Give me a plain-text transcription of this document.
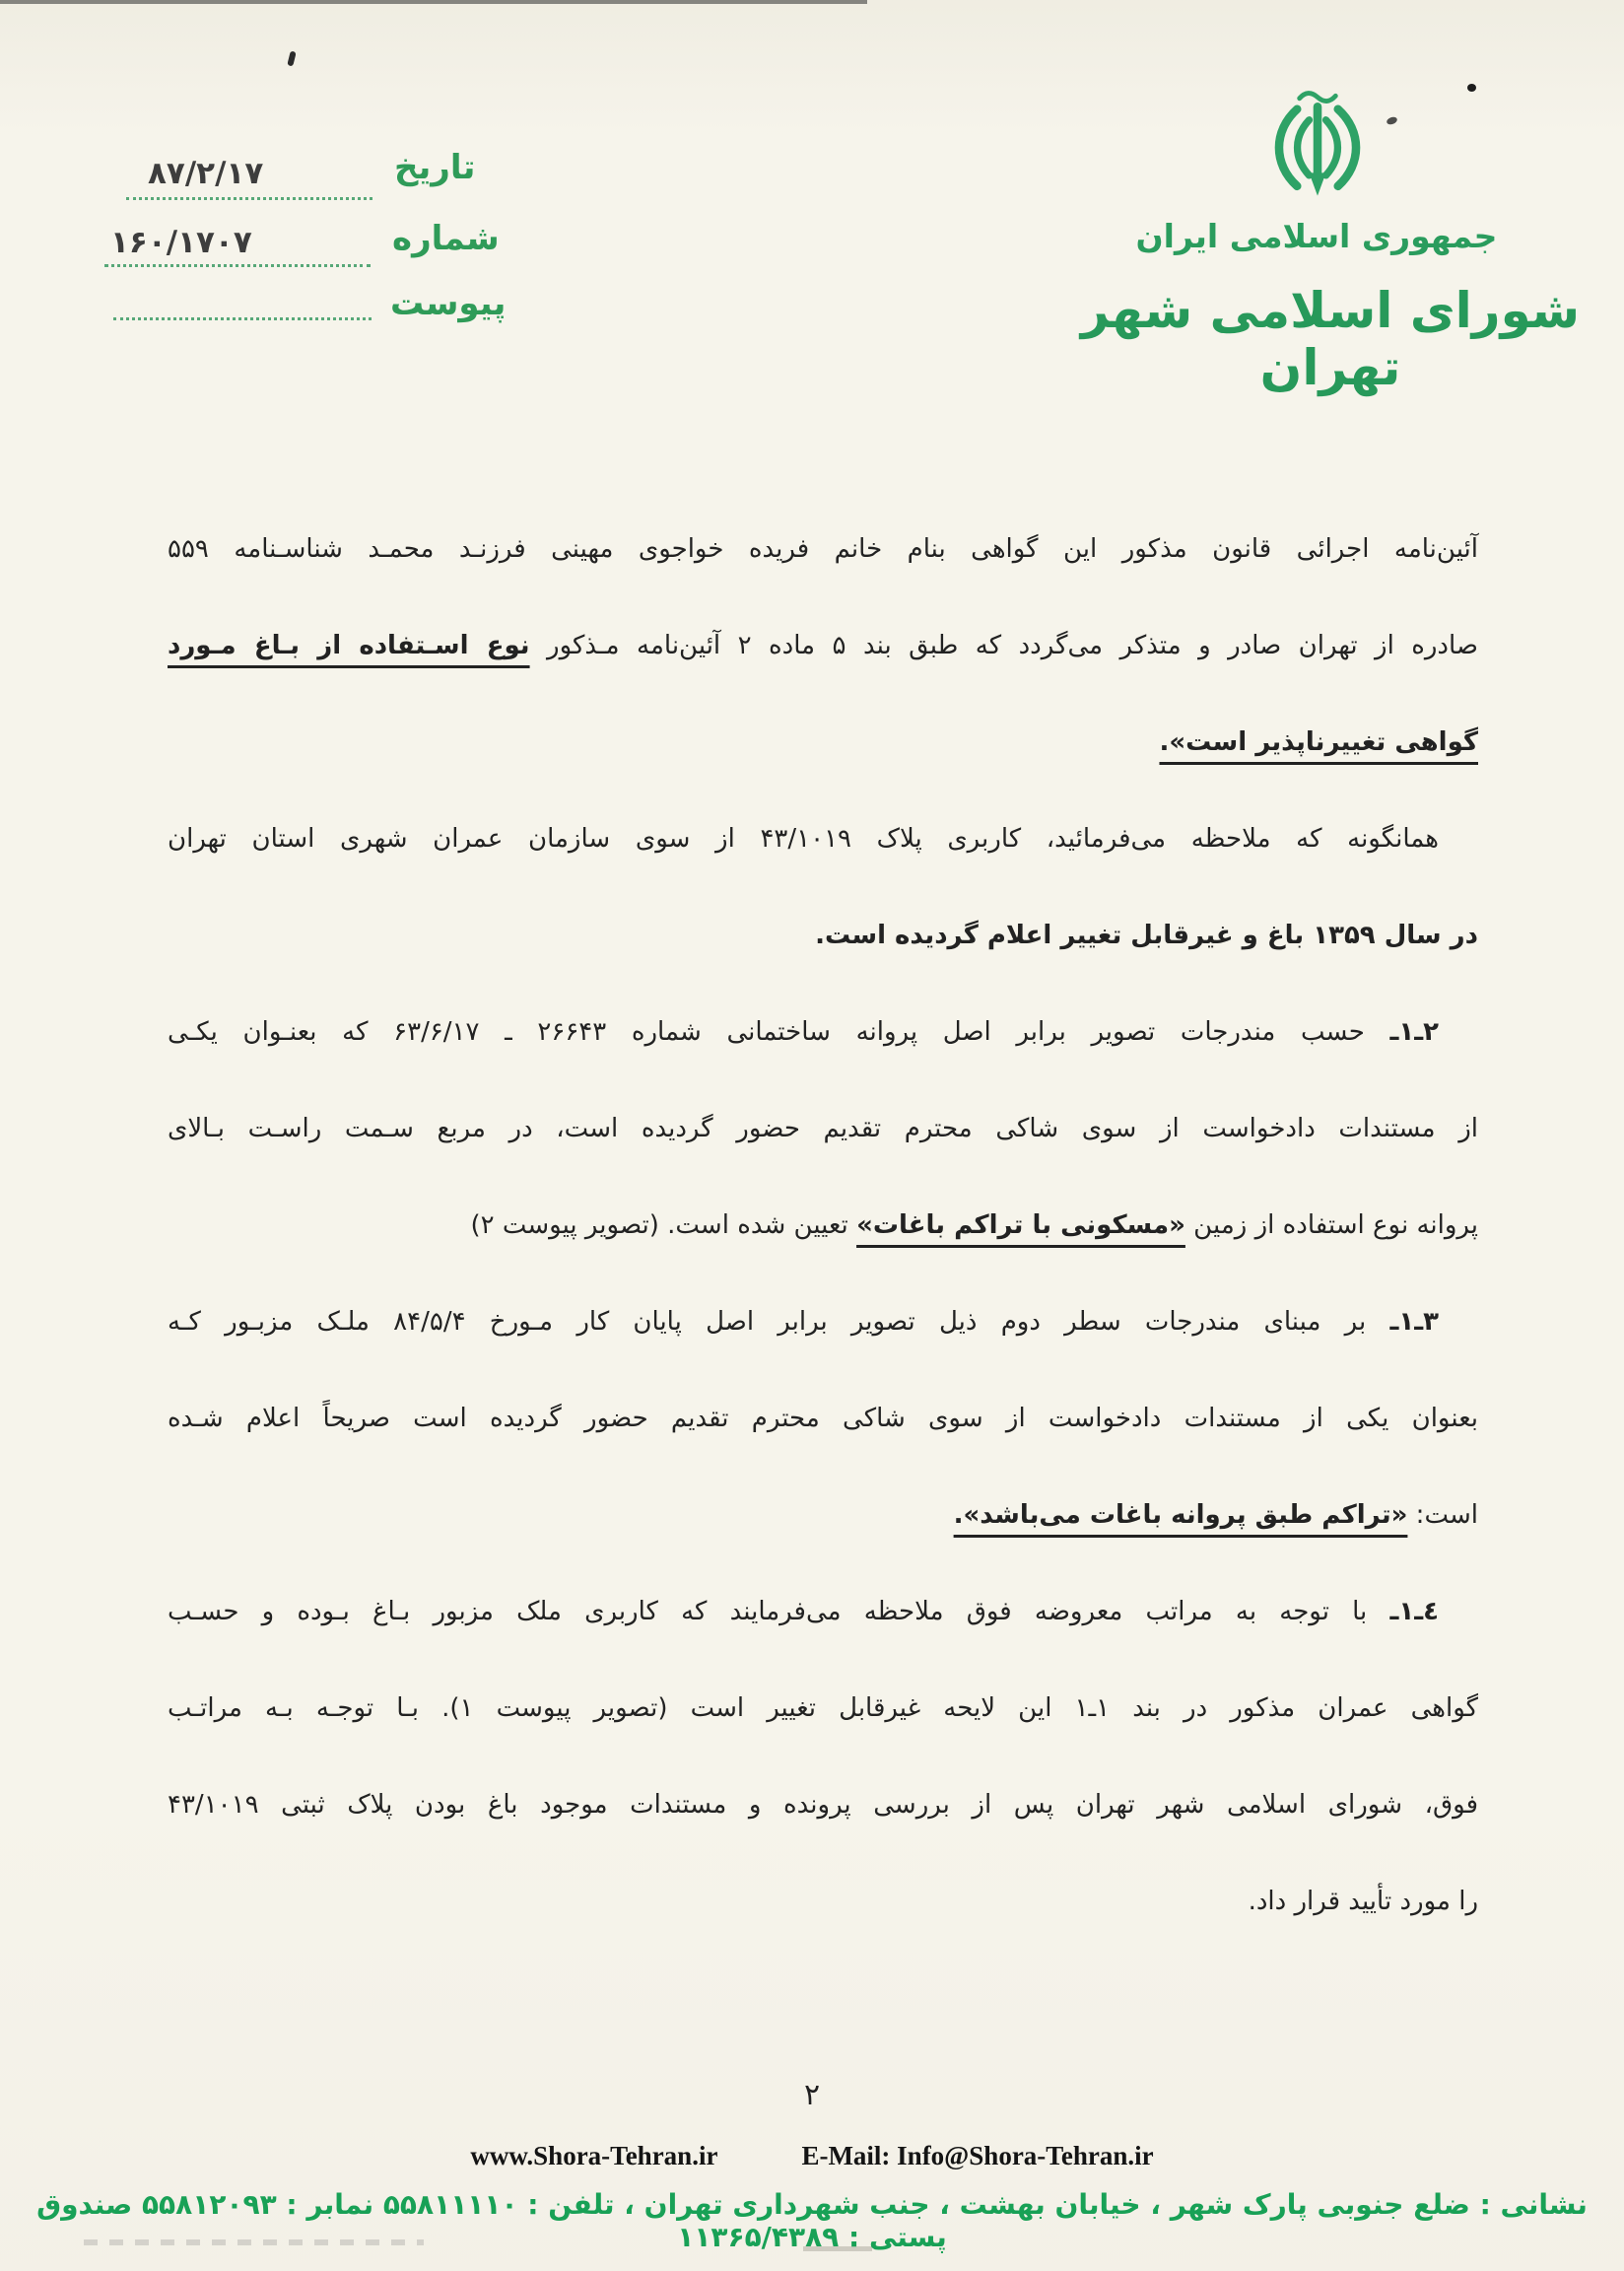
۸۷/۲/۱۷	تاریخ
۱۶۰/۱۷۰۷	شماره
پیوست
جمهوری اسلامی ایران
شورای اسلامی شهر تهران

آئین‌نامه اجرائی قانون مذکور این گواهی بنام خانم فریده خواجوی مهینی فرزنـد محمـد شناسـنامه ۵۵۹

صادره از تهران صادر و متذکر می‌گردد که طبق بند ۵ ماده ۲ آئین‌نامه مـذکور نوع اسـتفاده از بـاغ مـورد

گواهی تغییرناپذیر است».

همانگونه که ملاحظه می‌فرمائید، کاربری پلاک ۴۳/۱۰۱۹ از سوی سازمان عمران شهری استان تهران

در سال ۱۳۵۹ باغ و غیرقابل تغییر اعلام گردیده است.

۲ـ۱ـ حسب مندرجات تصویر برابر اصل پروانه ساختمانی شماره ۲۶۶۴۳ ـ ۶۳/۶/۱۷ که بعنـوان یکـی

از مستندات دادخواست از سوی شاکی محترم تقدیم حضور گردیده است، در مربع سـمت راسـت بـالای

پروانه نوع استفاده از زمین «مسکونی با تراکم باغات» تعیین شده است. (تصویر پیوست ۲)

۳ـ۱ـ بر مبنای مندرجات سطر دوم ذیل تصویر برابر اصل پایان کار مـورخ ۸۴/۵/۴ ملـک مزبـور کـه

بعنوان یکی از مستندات دادخواست از سوی شاکی محترم تقدیم حضور گردیده است صریحاً اعلام شـده

است: «تراکم طبق پروانه باغات می‌باشد».

٤ـ۱ـ با توجه به مراتب معروضه فوق ملاحظه می‌فرمایند که کاربری ملک مزبور بـاغ بـوده و حسـب

گواهی عمران مذکور در بند ۱ـ۱ این لایحه غیرقابل تغییر است (تصویر پیوست ۱). بـا توجـه بـه مراتـب

فوق، شورای اسلامی شهر تهران پس از بررسی پرونده و مستندات موجود باغ بودن پلاک ثبتی ۴۳/۱۰۱۹

را مورد تأیید قرار داد.

۲
www.Shora-Tehran.ir	E-Mail: Info@Shora-Tehran.ir
نشانی : ضلع جنوبی پارک شهر ، خیابان بهشت ، جنب شهرداری تهران ، تلفن : ۵۵۸۱۱۱۱۰ نمابر : ۵۵۸۱۲۰۹۳ صندوق پستی : ۱۱۳۶۵/۴۳۸۹
